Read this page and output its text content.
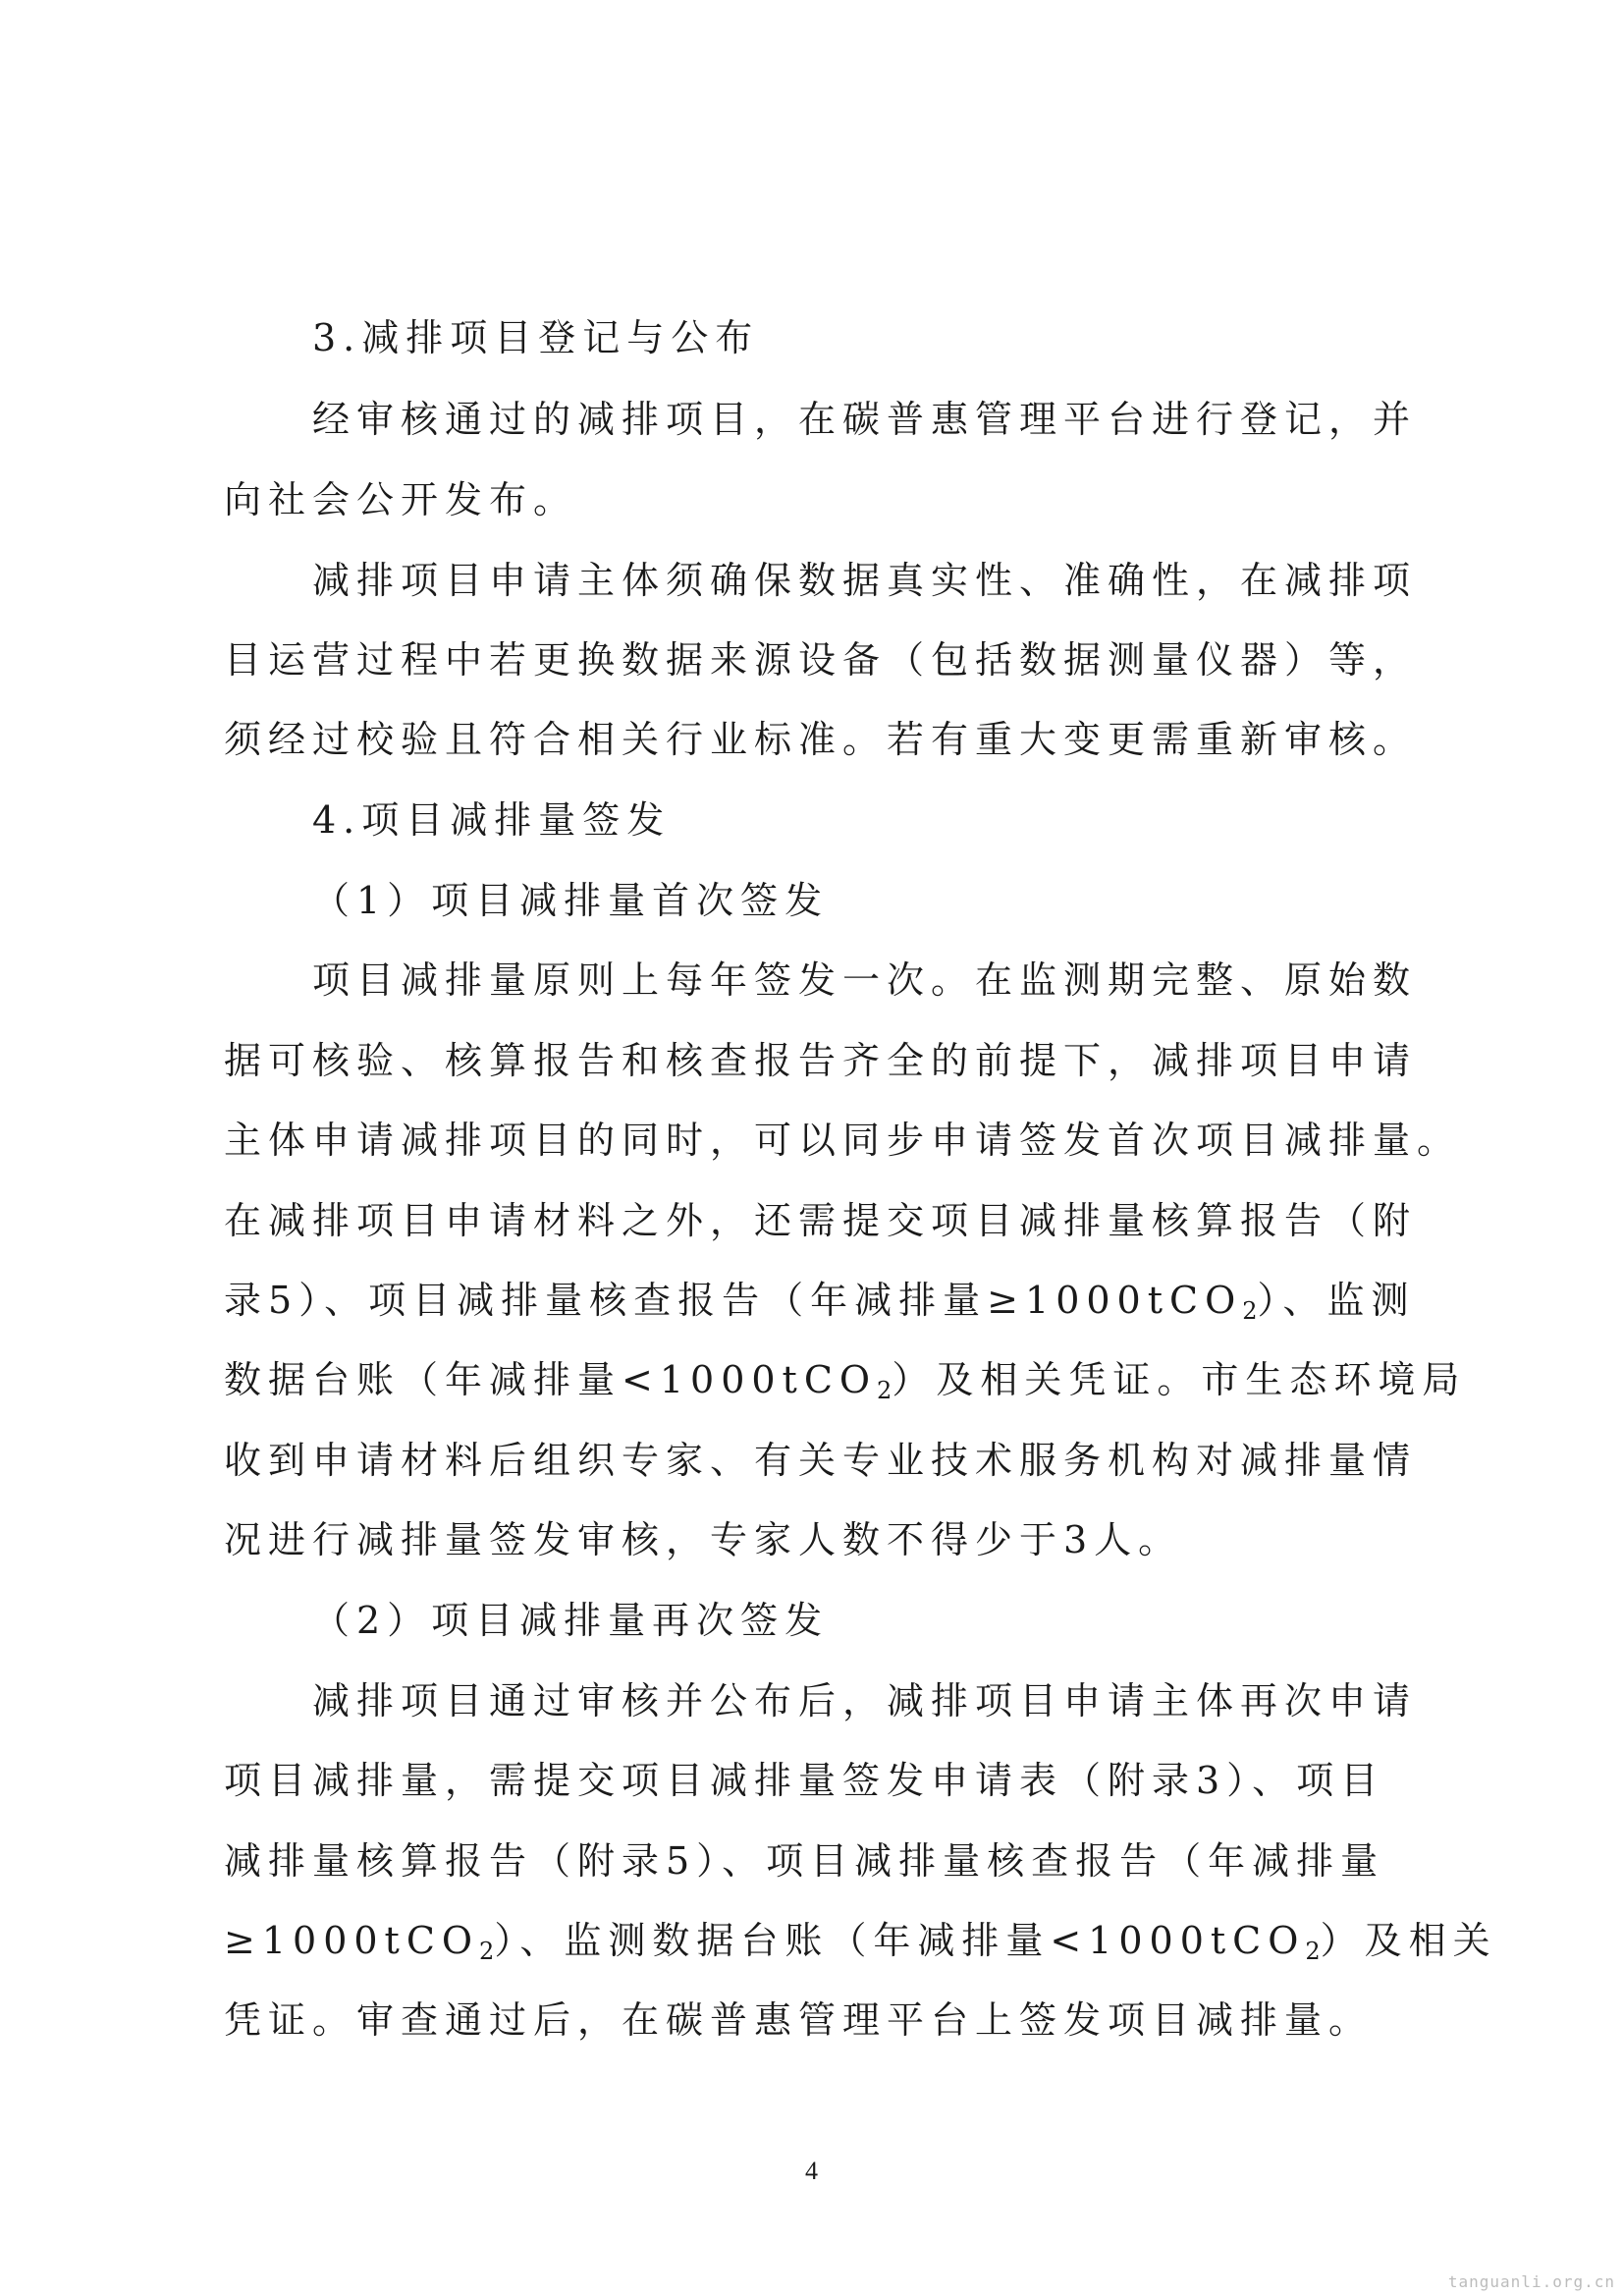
3.减排项目登记与公布
经审核通过的减排项目，在碳普惠管理平台进行登记，并
向社会公开发布。
减排项目申请主体须确保数据真实性、准确性，在减排项
目运营过程中若更换数据来源设备（包括数据测量仪器）等，
须经过校验且符合相关行业标准。若有重大变更需重新审核。
4.项目减排量签发
（1）项目减排量首次签发
项目减排量原则上每年签发一次。在监测期完整、原始数
据可核验、核算报告和核查报告齐全的前提下，减排项目申请
主体申请减排项目的同时，可以同步申请签发首次项目减排量。
在减排项目申请材料之外，还需提交项目减排量核算报告（附
录5）、项目减排量核查报告（年减排量≥1000tCO$_2$）、监测
数据台账（年减排量<1000tCO$_2$）及相关凭证。市生态环境局
收到申请材料后组织专家、有关专业技术服务机构对减排量情
况进行减排量签发审核，专家人数不得少于3人。
（2）项目减排量再次签发
减排项目通过审核并公布后，减排项目申请主体再次申请
项目减排量，需提交项目减排量签发申请表（附录3）、项目
减排量核算报告（附录5）、项目减排量核查报告（年减排量
≥1000tCO$_2$）、监测数据台账（年减排量<1000tCO$_2$）及相关
凭证。审查通过后，在碳普惠管理平台上签发项目减排量。
4
tanguanli.org.cn
